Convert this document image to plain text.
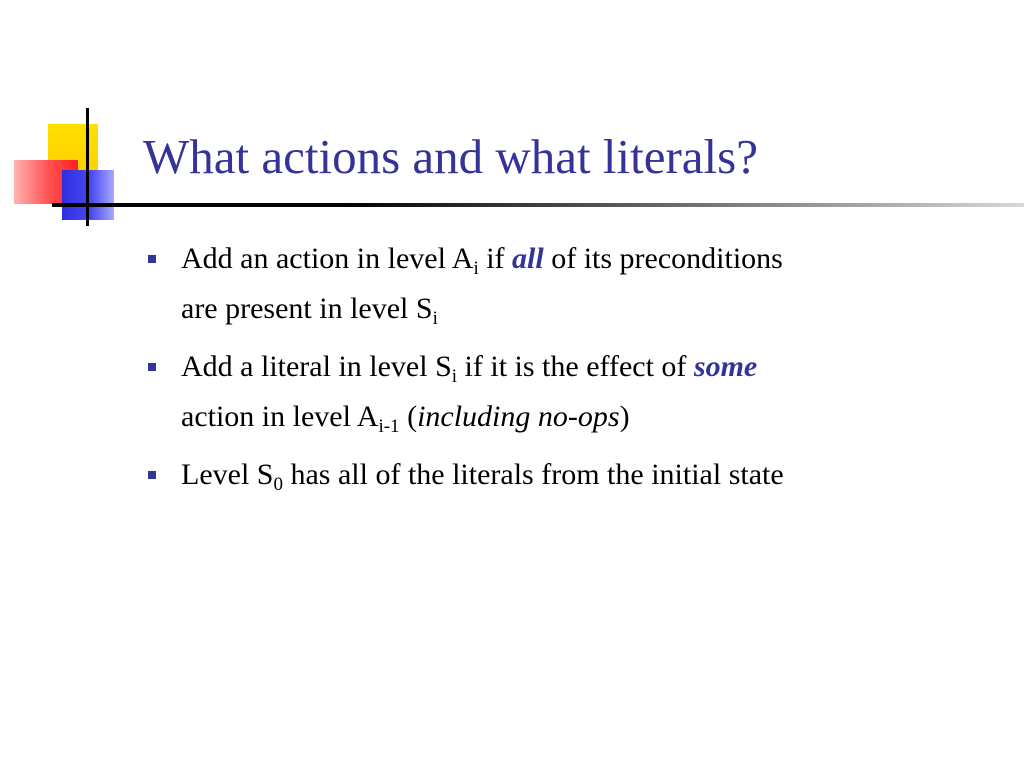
What actions and what literals?
Add an action in level $A_i$ if all of its preconditions
are present in level $S_i$
Add a literal in level $S_i$ if it is the effect of some
action in level $A_{i-1}$ (including no-ops)
Level $S_0$ has all of the literals from the initial state
